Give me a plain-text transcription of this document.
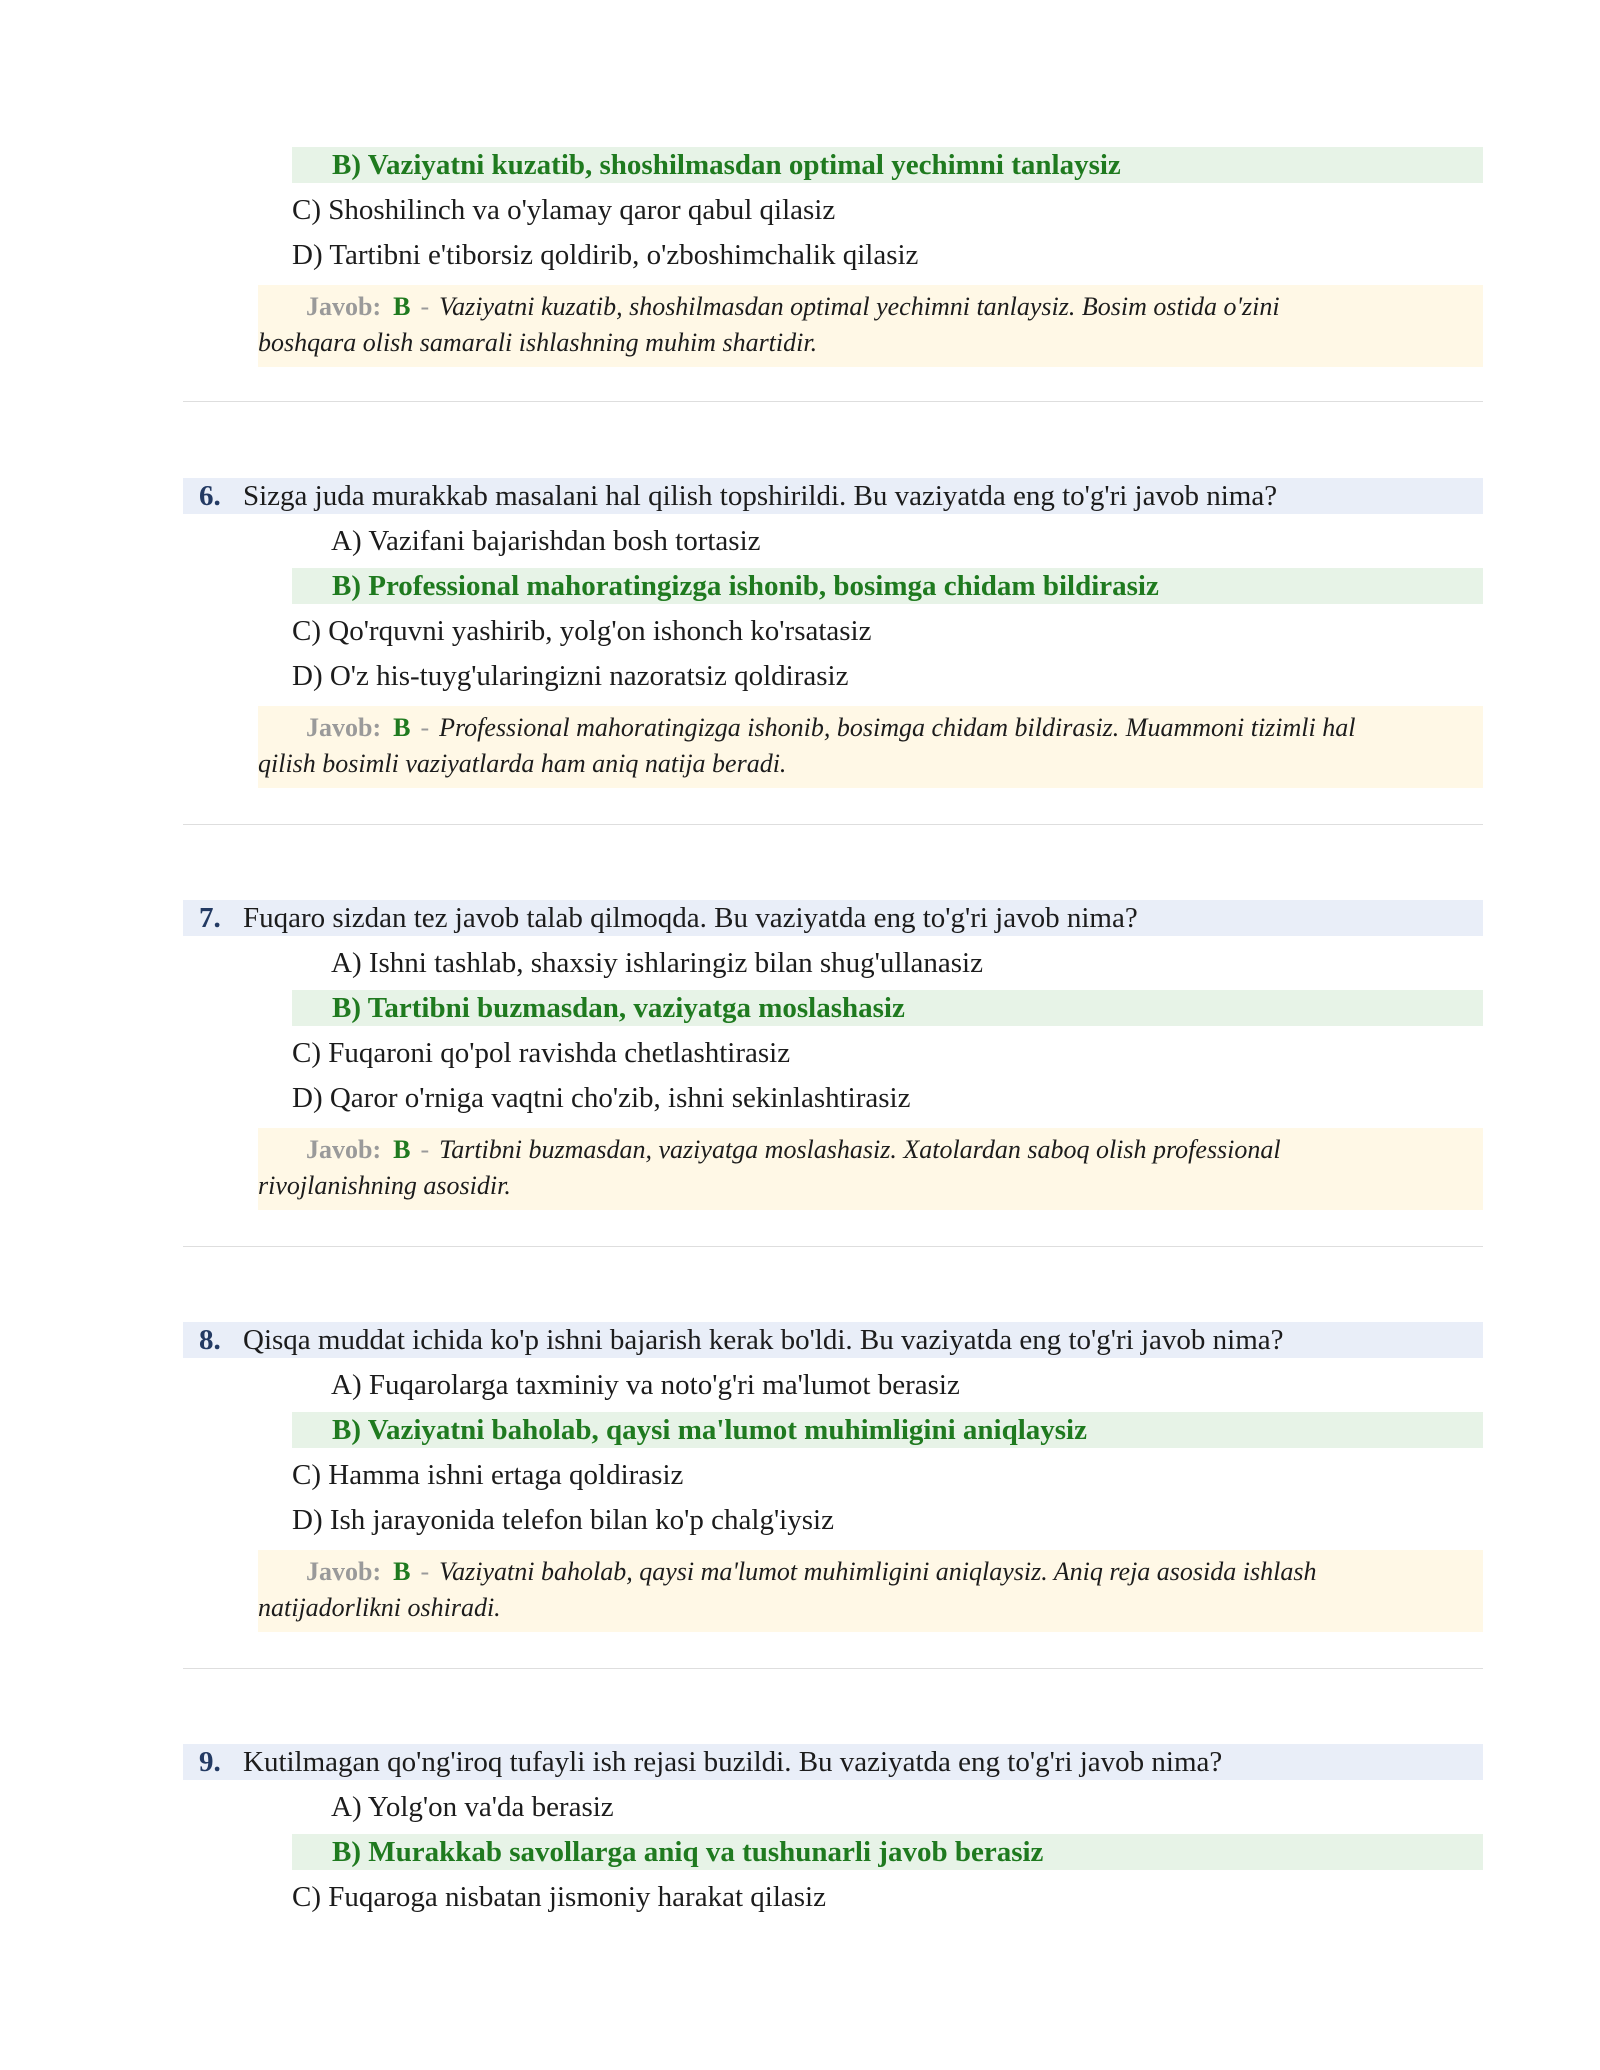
B) Vaziyatni kuzatib, shoshilmasdan optimal yechimni tanlaysiz
C) Shoshilinch va o'ylamay qaror qabul qilasiz
D) Tartibni e'tiborsiz qoldirib, o'zboshimchalik qilasiz
Javob: B - Vaziyatni kuzatib, shoshilmasdan optimal yechimni tanlaysiz. Bosim ostida o'zini
boshqara olish samarali ishlashning muhim shartidir.
6. Sizga juda murakkab masalani hal qilish topshirildi. Bu vaziyatda eng to'g'ri javob nima?
A) Vazifani bajarishdan bosh tortasiz
B) Professional mahoratingizga ishonib, bosimga chidam bildirasiz
C) Qo'rquvni yashirib, yolg'on ishonch ko'rsatasiz
D) O'z his-tuyg'ularingizni nazoratsiz qoldirasiz
Javob: B - Professional mahoratingizga ishonib, bosimga chidam bildirasiz. Muammoni tizimli hal
qilish bosimli vaziyatlarda ham aniq natija beradi.
7. Fuqaro sizdan tez javob talab qilmoqda. Bu vaziyatda eng to'g'ri javob nima?
A) Ishni tashlab, shaxsiy ishlaringiz bilan shug'ullanasiz
B) Tartibni buzmasdan, vaziyatga moslashasiz
C) Fuqaroni qo'pol ravishda chetlashtirasiz
D) Qaror o'rniga vaqtni cho'zib, ishni sekinlashtirasiz
Javob: B - Tartibni buzmasdan, vaziyatga moslashasiz. Xatolardan saboq olish professional
rivojlanishning asosidir.
8. Qisqa muddat ichida ko'p ishni bajarish kerak bo'ldi. Bu vaziyatda eng to'g'ri javob nima?
A) Fuqarolarga taxminiy va noto'g'ri ma'lumot berasiz
B) Vaziyatni baholab, qaysi ma'lumot muhimligini aniqlaysiz
C) Hamma ishni ertaga qoldirasiz
D) Ish jarayonida telefon bilan ko'p chalg'iysiz
Javob: B - Vaziyatni baholab, qaysi ma'lumot muhimligini aniqlaysiz. Aniq reja asosida ishlash
natijadorlikni oshiradi.
9. Kutilmagan qo'ng'iroq tufayli ish rejasi buzildi. Bu vaziyatda eng to'g'ri javob nima?
A) Yolg'on va'da berasiz
B) Murakkab savollarga aniq va tushunarli javob berasiz
C) Fuqaroga nisbatan jismoniy harakat qilasiz
